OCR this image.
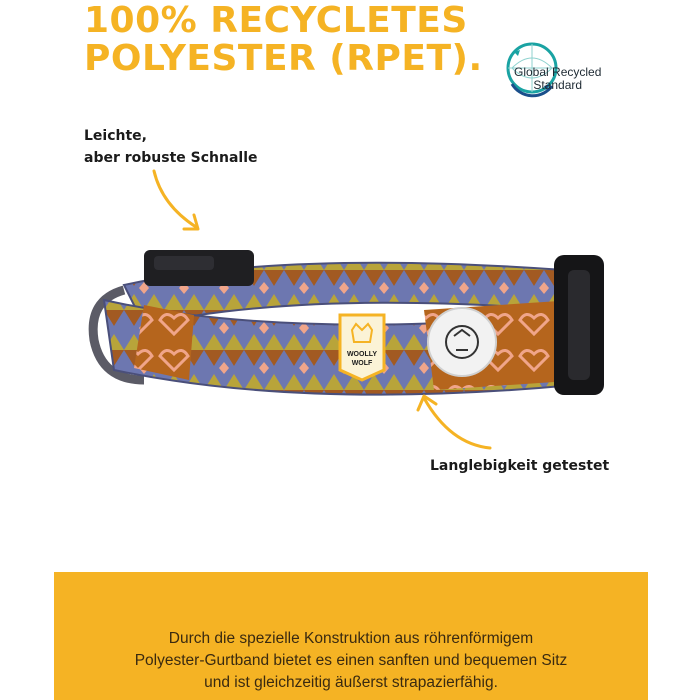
100% RECYCLETES
POLYESTER (RPET).	Global Recycled
Standard
Leichte,
aber robuste Schnalle
WOOLLY
WOLF
Langlebigkeit getestet

Durch die spezielle Konstruktion aus röhrenförmigem
Polyester-Gurtband bietet es einen sanften und bequemen Sitz
und ist gleichzeitig äußerst strapazierfähig.
